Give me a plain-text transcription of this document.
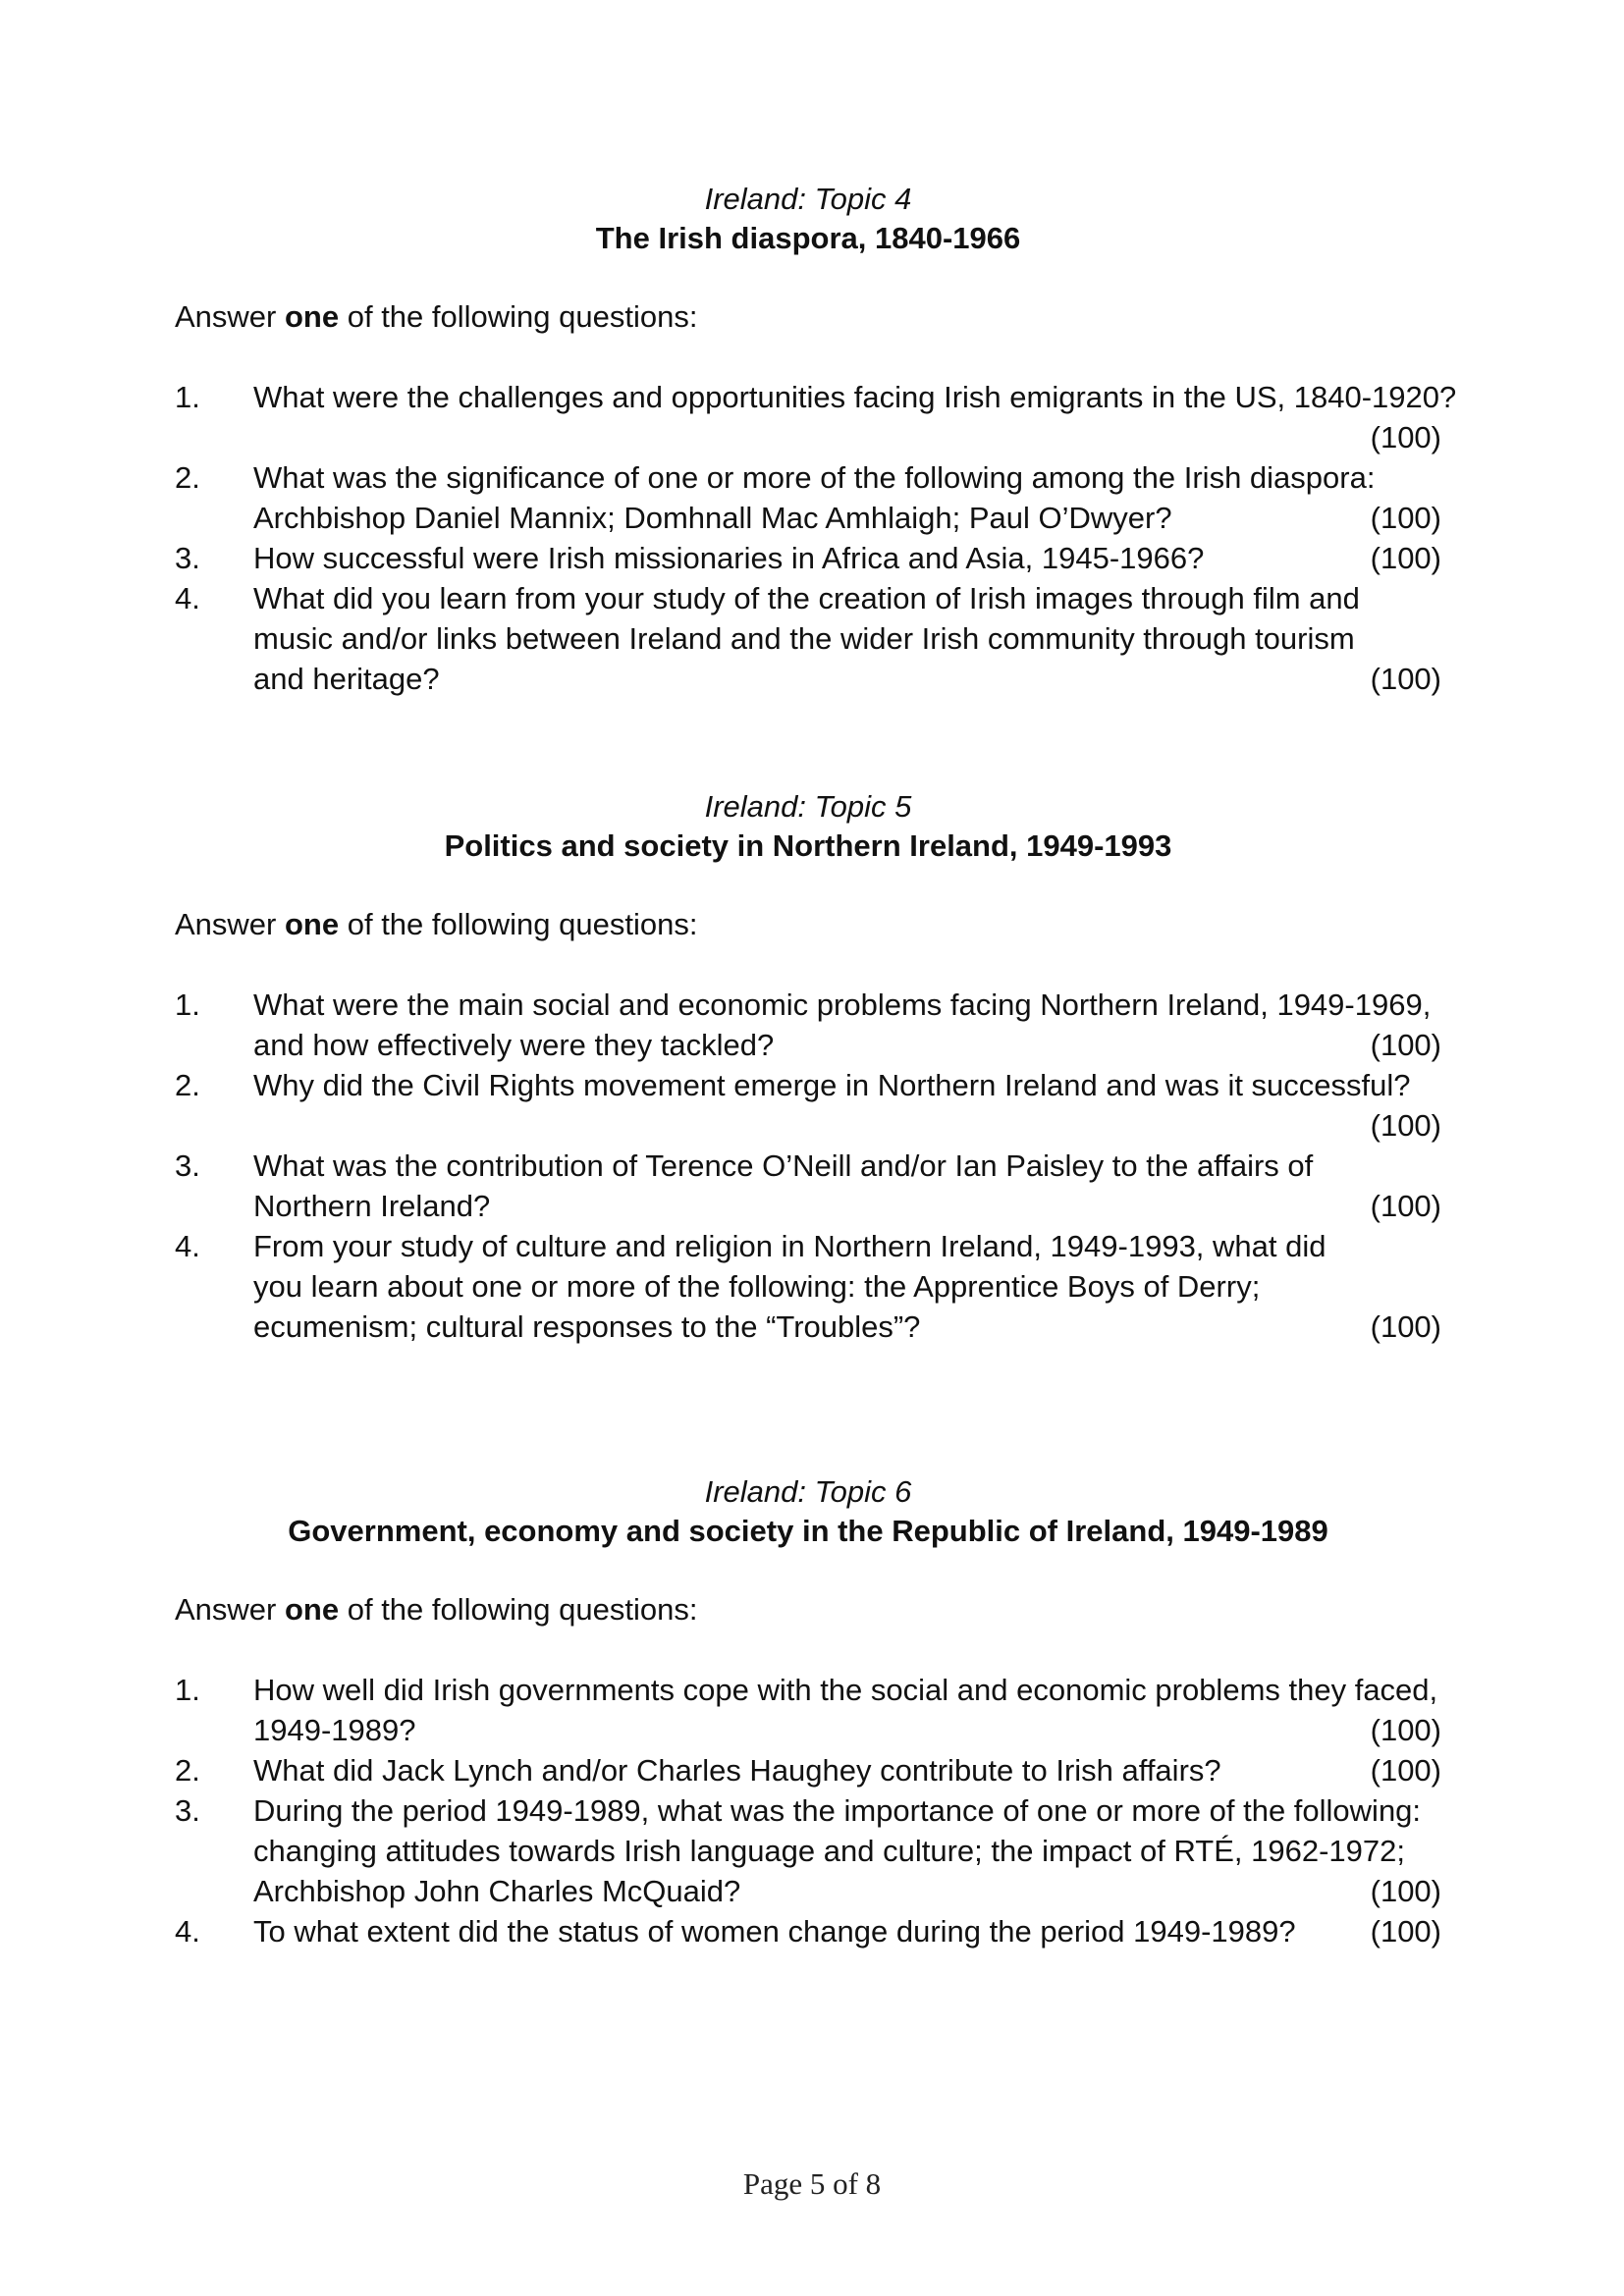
Ireland: Topic 4
The Irish diaspora, 1840-1966
Answer one of the following questions:
1. What were the challenges and opportunities facing Irish emigrants in the US, 1840-1920?
(100)
2. What was the significance of one or more of the following among the Irish diaspora:
Archbishop Daniel Mannix; Domhnall Mac Amhlaigh; Paul O’Dwyer?	(100)
3. How successful were Irish missionaries in Africa and Asia, 1945-1966?	(100)
4. What did you learn from your study of the creation of Irish images through film and
music and/or links between Ireland and the wider Irish community through tourism
and heritage?	(100)
Ireland: Topic 5
Politics and society in Northern Ireland, 1949-1993
Answer one of the following questions:
1. What were the main social and economic problems facing Northern Ireland, 1949-1969,
and how effectively were they tackled?	(100)
2. Why did the Civil Rights movement emerge in Northern Ireland and was it successful?
(100)
3. What was the contribution of Terence O’Neill and/or Ian Paisley to the affairs of
Northern Ireland?	(100)
4. From your study of culture and religion in Northern Ireland, 1949-1993, what did
you learn about one or more of the following: the Apprentice Boys of Derry;
ecumenism; cultural responses to the “Troubles”?	(100)
Ireland: Topic 6
Government, economy and society in the Republic of Ireland, 1949-1989
Answer one of the following questions:
1. How well did Irish governments cope with the social and economic problems they faced,
1949-1989?	(100)
2. What did Jack Lynch and/or Charles Haughey contribute to Irish affairs?	(100)
3. During the period 1949-1989, what was the importance of one or more of the following:
changing attitudes towards Irish language and culture; the impact of RTÉ, 1962-1972;
Archbishop John Charles McQuaid?	(100)
4. To what extent did the status of women change during the period 1949-1989? (100)
Page 5 of 8
